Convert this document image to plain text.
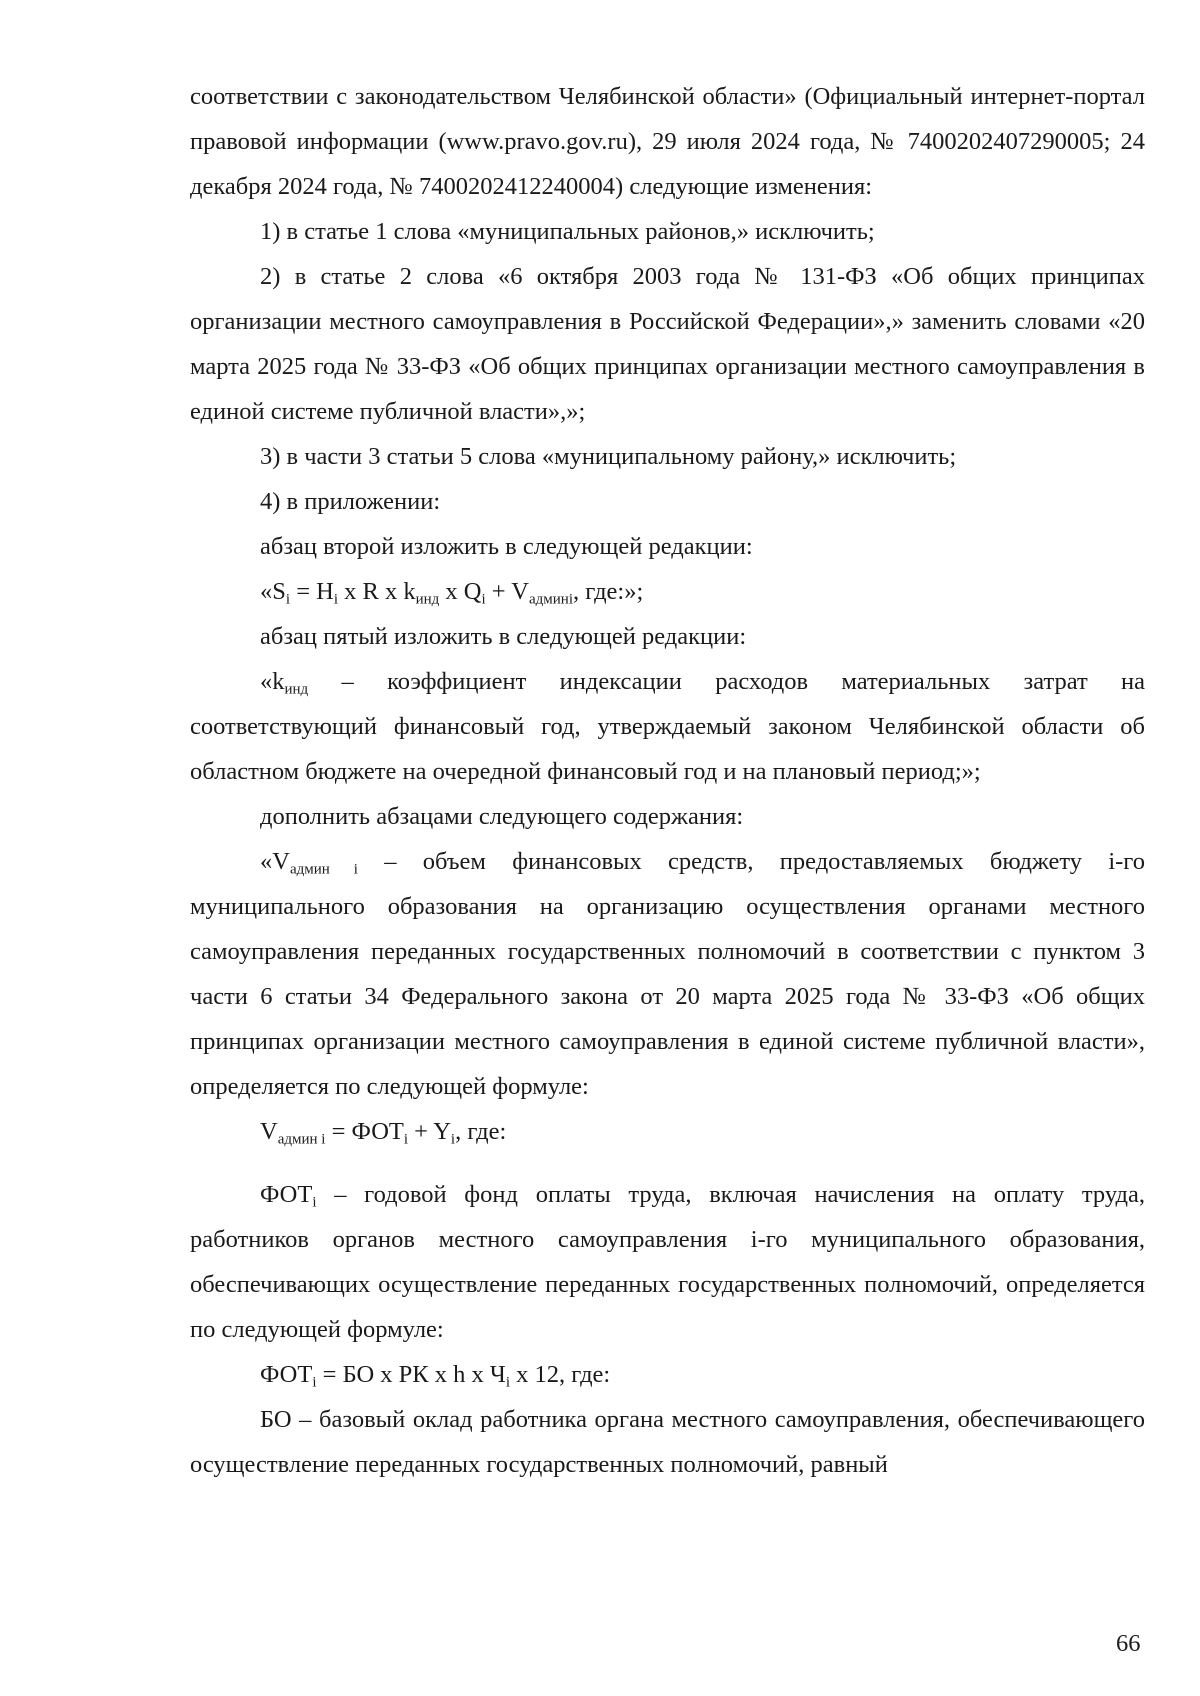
соответствии с законодательством Челябинской области» (Официальный интернет-портал правовой информации (www.pravo.gov.ru), 29 июля 2024 года, № 7400202407290005; 24 декабря 2024 года, № 7400202412240004) следующие изменения:

1) в статье 1 слова «муниципальных районов,» исключить;

2) в статье 2 слова «6 октября 2003 года № 131-ФЗ «Об общих принципах организации местного самоуправления в Российской Федерации»,» заменить словами «20 марта 2025 года № 33-ФЗ «Об общих принципах организации местного самоуправления в единой системе публичной власти»,»;

3) в части 3 статьи 5 слова «муниципальному району,» исключить;

4) в приложении:

абзац второй изложить в следующей редакции:

«$S_i = H_i$ x R x $k_{инд}$ x $Q_i + V_{админi}$, где:»;

абзац пятый изложить в следующей редакции:

«$k_{инд}$ – коэффициент индексации расходов материальных затрат на соответствующий финансовый год, утверждаемый законом Челябинской области об областном бюджете на очередной финансовый год и на плановый период;»;

дополнить абзацами следующего содержания:

«$V_{админ i}$ – объем финансовых средств, предоставляемых бюджету i-го муниципального образования на организацию осуществления органами местного самоуправления переданных государственных полномочий в соответствии с пунктом 3 части 6 статьи 34 Федерального закона от 20 марта 2025 года № 33-ФЗ «Об общих принципах организации местного самоуправления в единой системе публичной власти», определяется по следующей формуле:

$V_{админ i} = ФОТ_i + Y_i$, где:

$ФОТ_i$ – годовой фонд оплаты труда, включая начисления на оплату труда, работников органов местного самоуправления i-го муниципального образования, обеспечивающих осуществление переданных государственных полномочий, определяется по следующей формуле:

$ФОТ_i$ = БО x РК x h x $Ч_i$ x 12, где:

БО – базовый оклад работника органа местного самоуправления, обеспечивающего осуществление переданных государственных полномочий, равный

66
